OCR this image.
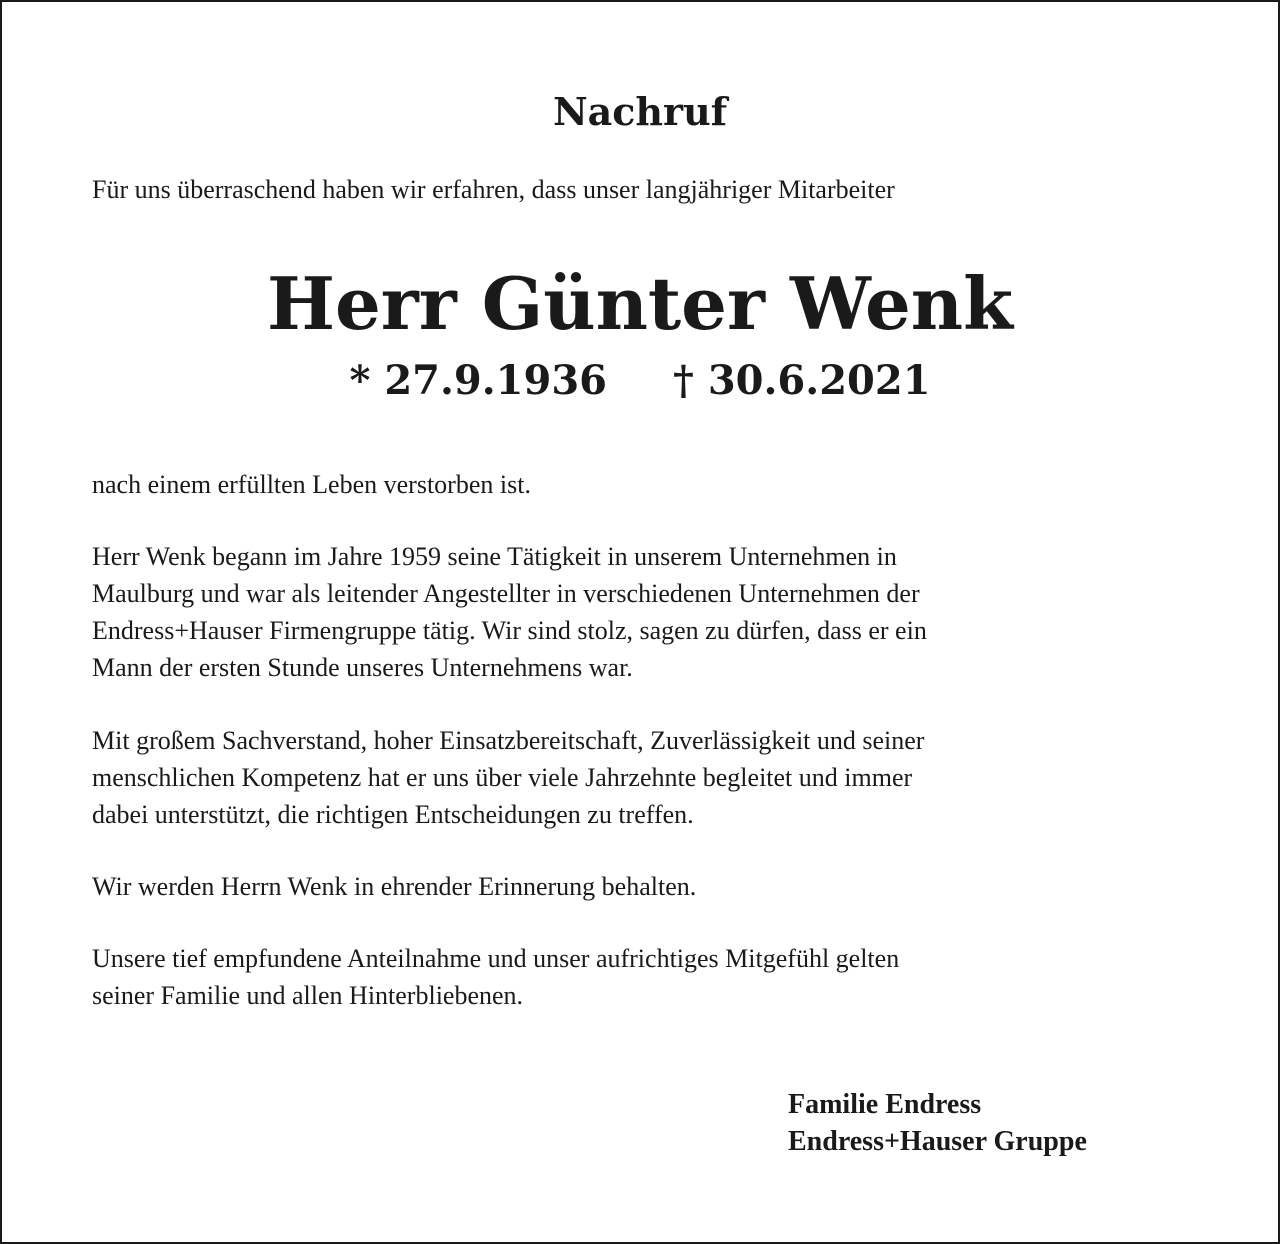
Nachruf
Für uns überraschend haben wir erfahren, dass unser langjähriger Mitarbeiter
Herr Günter Wenk
* 27.9.1936 † 30.6.2021
nach einem erfüllten Leben verstorben ist.
Herr Wenk begann im Jahre 1959 seine Tätigkeit in unserem Unternehmen in
Maulburg und war als leitender Angestellter in verschiedenen Unternehmen der
Endress+Hauser Firmengruppe tätig. Wir sind stolz, sagen zu dürfen, dass er ein
Mann der ersten Stunde unseres Unternehmens war.
Mit großem Sachverstand, hoher Einsatzbereitschaft, Zuverlässigkeit und seiner
menschlichen Kompetenz hat er uns über viele Jahrzehnte begleitet und immer
dabei unterstützt, die richtigen Entscheidungen zu treffen.
Wir werden Herrn Wenk in ehrender Erinnerung behalten.
Unsere tief empfundene Anteilnahme und unser aufrichtiges Mitgefühl gelten
seiner Familie und allen Hinterbliebenen.
Familie Endress
Endress+Hauser Gruppe
